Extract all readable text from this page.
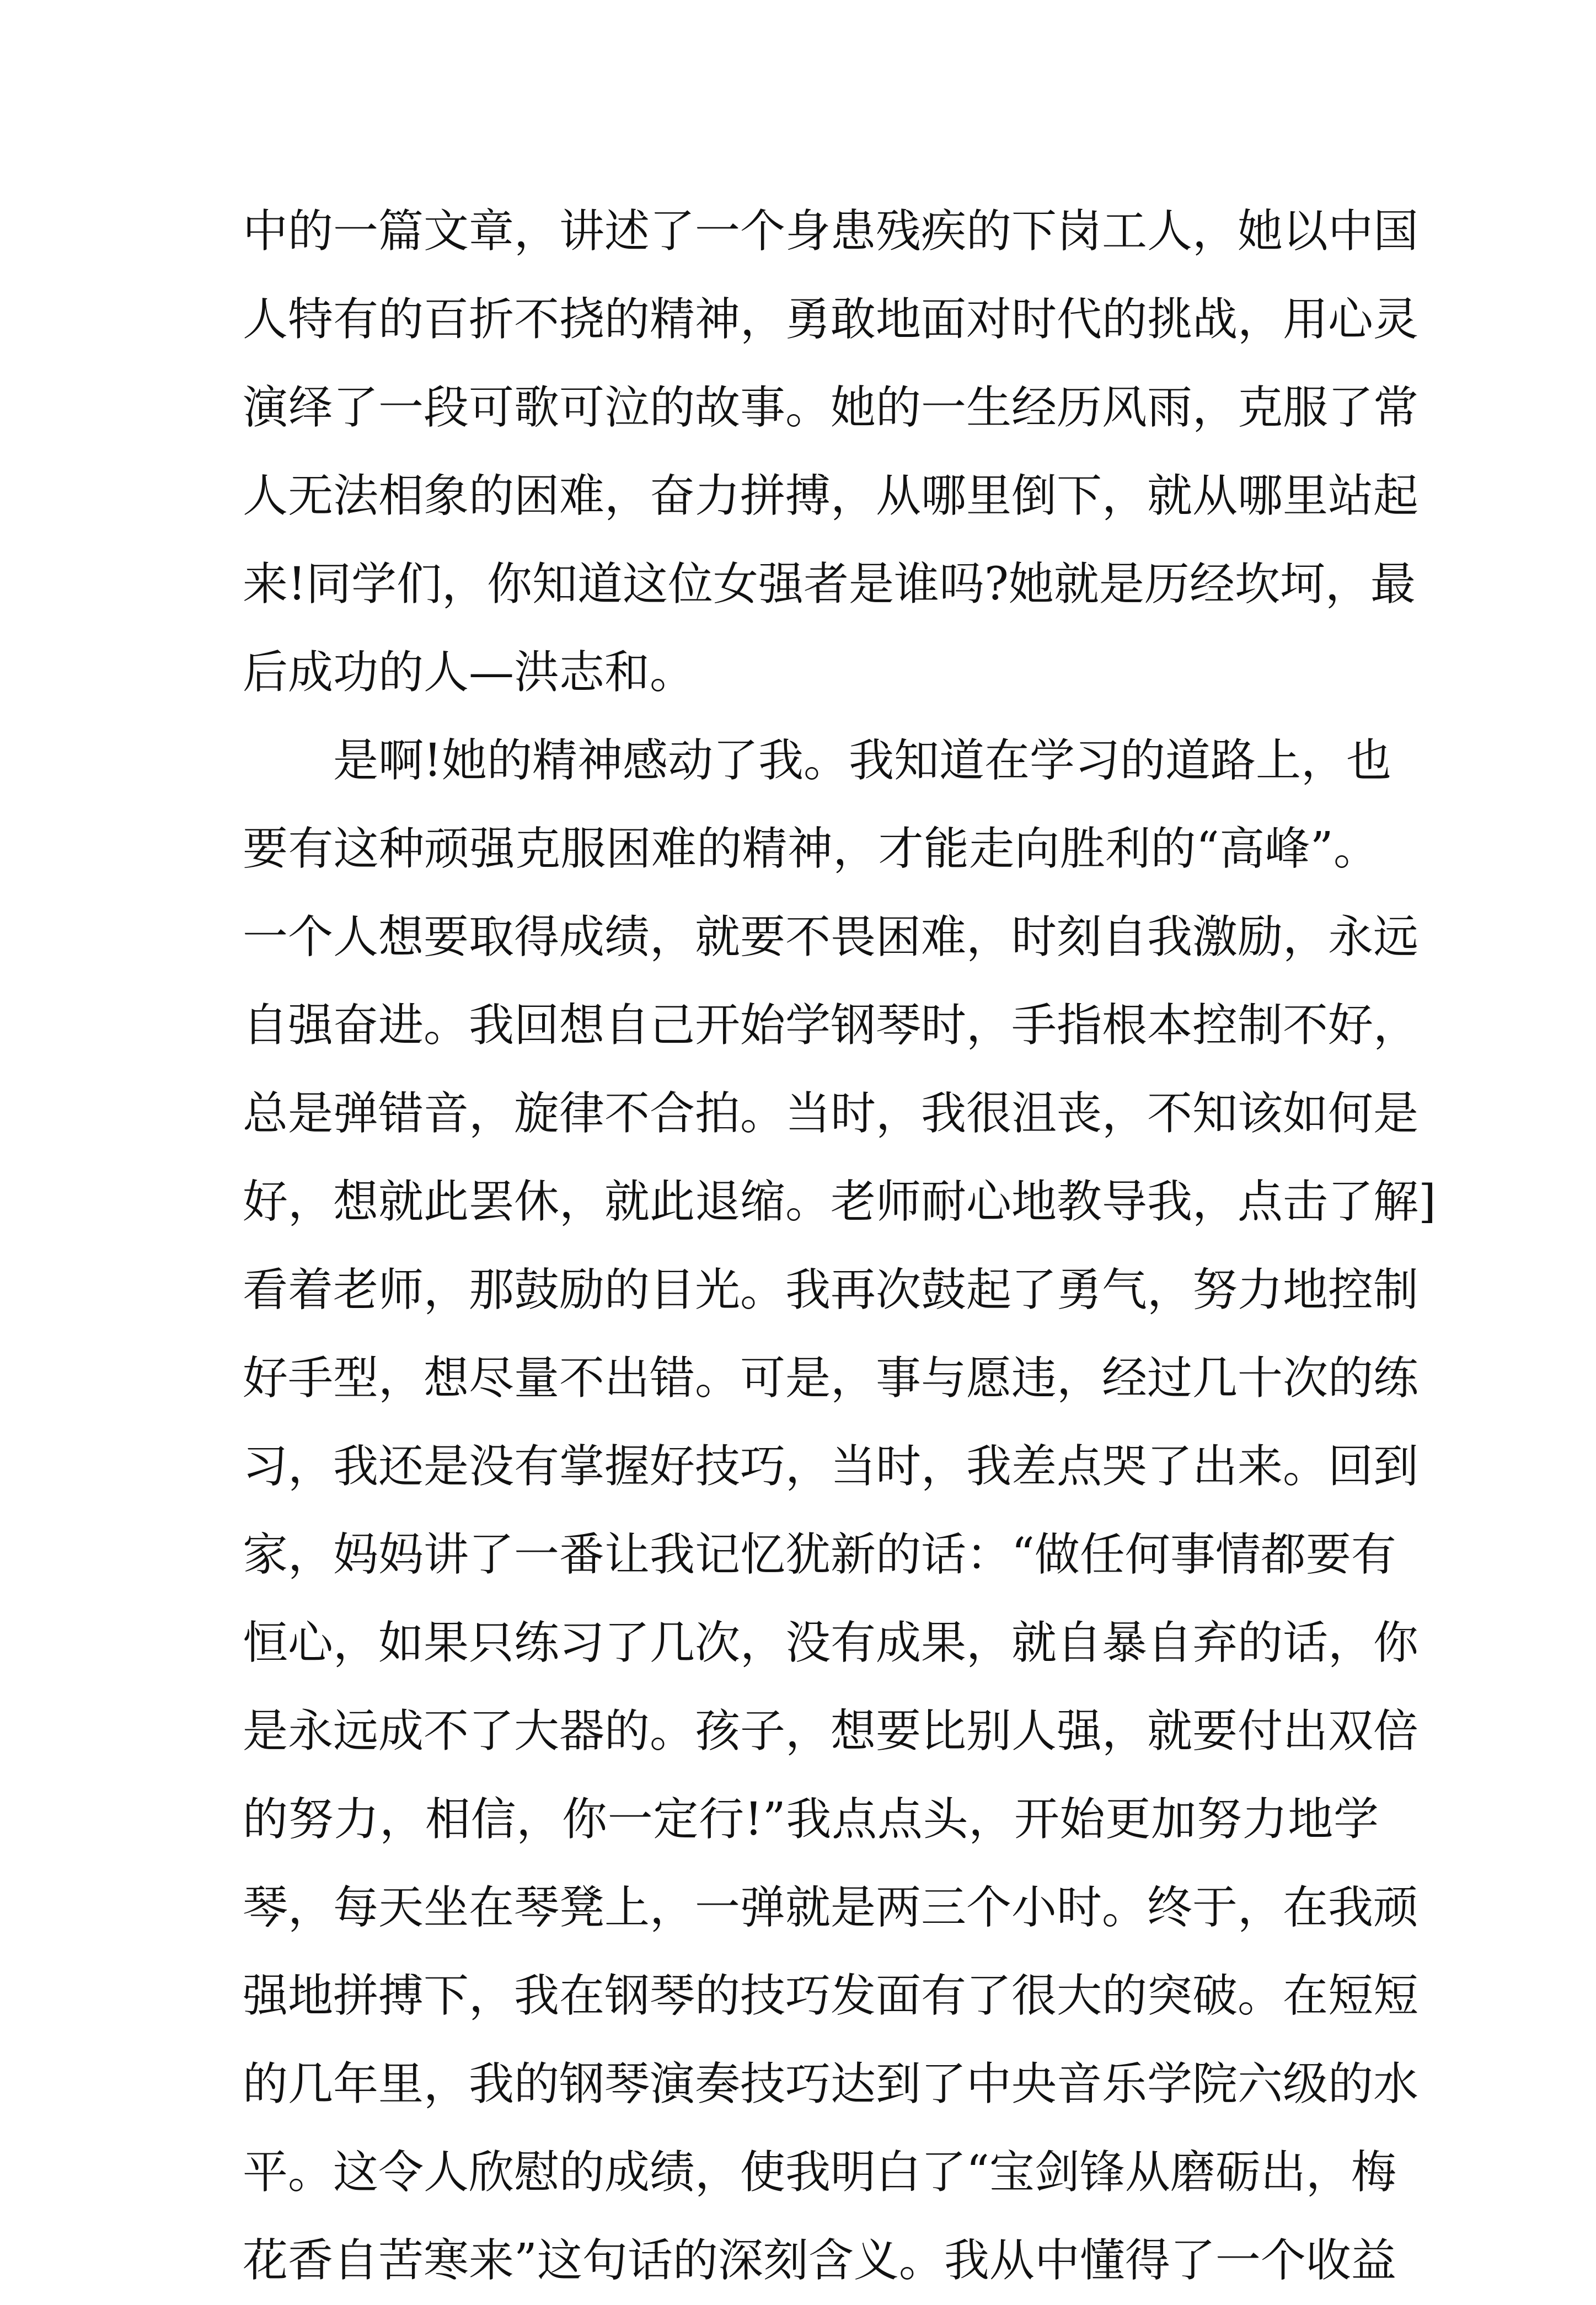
中的一篇文章，讲述了一个身患残疾的下岗工人，她以中国
人特有的百折不挠的精神，勇敢地面对时代的挑战，用心灵
演绎了一段可歌可泣的故事。她的一生经历风雨，克服了常
人无法相象的困难，奋力拼搏，从哪里倒下，就从哪里站起
来!同学们，你知道这位女强者是谁吗?她就是历经坎坷，最
后成功的人—洪志和。
是啊!她的精神感动了我。我知道在学习的道路上，也
要有这种顽强克服困难的精神，才能走向胜利的“高峰”。
一个人想要取得成绩，就要不畏困难，时刻自我激励，永远
自强奋进。我回想自己开始学钢琴时，手指根本控制不好，
总是弹错音，旋律不合拍。当时，我很沮丧，不知该如何是
好，想就此罢休，就此退缩。老师耐心地教导我，点击了解]
看着老师，那鼓励的目光。我再次鼓起了勇气，努力地控制
好手型，想尽量不出错。可是，事与愿违，经过几十次的练
习，我还是没有掌握好技巧，当时，我差点哭了出来。回到
家，妈妈讲了一番让我记忆犹新的话：“做任何事情都要有
恒心，如果只练习了几次，没有成果，就自暴自弃的话，你
是永远成不了大器的。孩子，想要比别人强，就要付出双倍
的努力，相信，你一定行!”我点点头，开始更加努力地学
琴，每天坐在琴凳上，一弹就是两三个小时。终于，在我顽
强地拼搏下，我在钢琴的技巧发面有了很大的突破。在短短
的几年里，我的钢琴演奏技巧达到了中央音乐学院六级的水
平。这令人欣慰的成绩，使我明白了“宝剑锋从磨砺出，梅
花香自苦寒来”这句话的深刻含义。我从中懂得了一个收益
